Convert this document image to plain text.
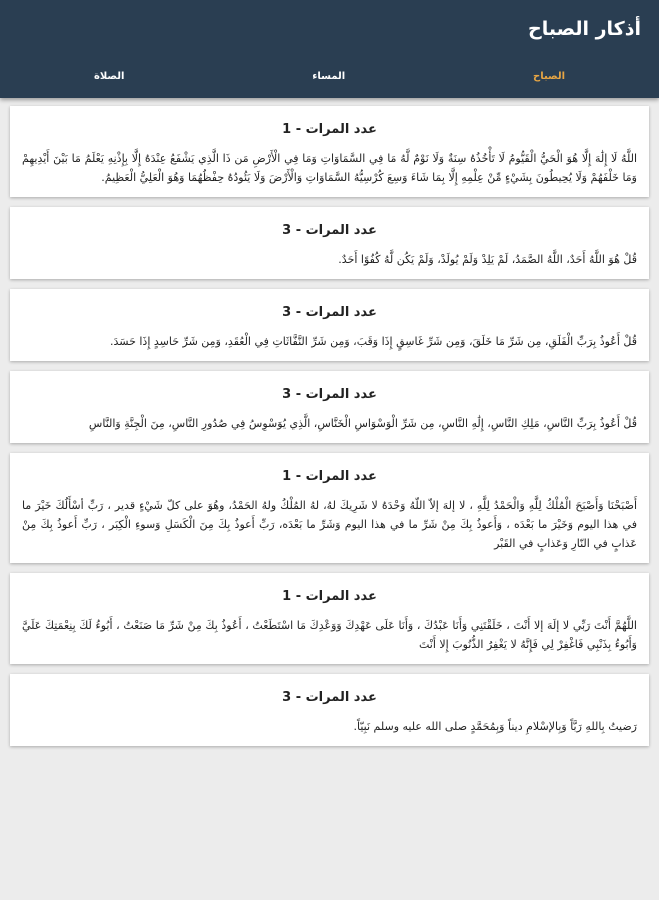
أذكار الصباح
الصباح
المساء
الصلاة
عدد المرات - 1
اللَّهُ لَا إِلَٰهَ إِلَّا هُوَ الْحَيُّ الْقَيُّومُ لَا تَأْخُذُهُ سِنَةٌ وَلَا نَوْمٌ لَّهُ مَا فِي السَّمَاوَاتِ وَمَا فِي الْأَرْضِ مَن ذَا الَّذِي يَشْفَعُ عِنْدَهُ إِلَّا بِإِذْنِهِ يَعْلَمُ مَا بَيْنَ أَيْدِيهِمْ وَمَا خَلْفَهُمْ وَلَا يُحِيطُونَ بِشَيْءٍ مِّنْ عِلْمِهِ إِلَّا بِمَا شَاءَ وَسِعَ كُرْسِيُّهُ السَّمَاوَاتِ وَالْأَرْضَ وَلَا يَئُودُهُ حِفْظُهُمَا وَهُوَ الْعَلِيُّ الْعَظِيمُ.
عدد المرات - 3
قُلْ هُوَ اللَّهُ أَحَدٌ، اللَّهُ الصَّمَدُ، لَمْ يَلِدْ وَلَمْ يُولَدْ، وَلَمْ يَكُن لَّهُ كُفُوًا أَحَدٌ.
عدد المرات - 3
قُلْ أَعُوذُ بِرَبِّ الْفَلَقِ، مِن شَرِّ مَا خَلَقَ، وَمِن شَرِّ غَاسِقٍ إِذَا وَقَبَ، وَمِن شَرِّ النَّفَّاثَاتِ فِي الْعُقَدِ، وَمِن شَرِّ حَاسِدٍ إِذَا حَسَدَ.
عدد المرات - 3
قُلْ أَعُوذُ بِرَبِّ النَّاسِ، مَلِكِ النَّاسِ، إِلَٰهِ النَّاسِ، مِن شَرِّ الْوَسْوَاسِ الْخَنَّاسِ، الَّذِي يُوَسْوِسُ فِي صُدُورِ النَّاسِ، مِنَ الْجِنَّةِ وَالنَّاسِ
عدد المرات - 1
أَصْبَحْنَا وَأَصْبَحَ الْمُلْكُ لِلَّهِ وَالْحَمْدُ لِلَّهِ ، لا إلهَ إلاّ اللّهُ وَحْدَهُ لا شَرِيكَ لهُ، لهُ المُلْكُ ولهُ الحَمْدُ، وهُوَ على كلّ شَيْءٍ قدير ، رَبِّ أسْأَلُكَ خَيْرَ ما في هذا اليوم وَخَيْرَ ما بَعْدَه ، وَأَعوذُ بِكَ مِنْ شَرِّ ما في هذا اليوم وَشَرِّ ما بَعْدَه، رَبِّ أَعوذُ بِكَ مِنَ الْكَسَلِ وَسوءِ الْكِبَر ، رَبِّ أَعوذُ بِكَ مِنْ عَذابٍ في النّارِ وَعَذابٍ في القَبْر
عدد المرات - 1
اللَّهُمَّ أَنْتَ رَبِّي لا إلَهَ إلا أَنْتَ ، خَلَقْتَنِي وَأَنَا عَبْدُكَ ، وَأَنَا عَلَى عَهْدِكَ وَوَعْدِكَ مَا اسْتَطَعْتُ ، أَعُوذُ بِكَ مِنْ شَرِّ مَا صَنَعْتُ ، أَبُوءُ لَكَ بِنِعْمَتِكَ عَلَيَّ وَأَبُوءُ بِذَنْبِي فَاغْفِرْ لِي فَإِنَّهُ لا يَغْفِرُ الذُّنُوبَ إِلا أَنْتَ
عدد المرات - 3
رَضيتُ بِاللهِ رَبَّاً وَبِالإسْلامِ ديناً وَبِمُحَمَّدٍ صلى الله عليه وسلم نَبِيّاً.
